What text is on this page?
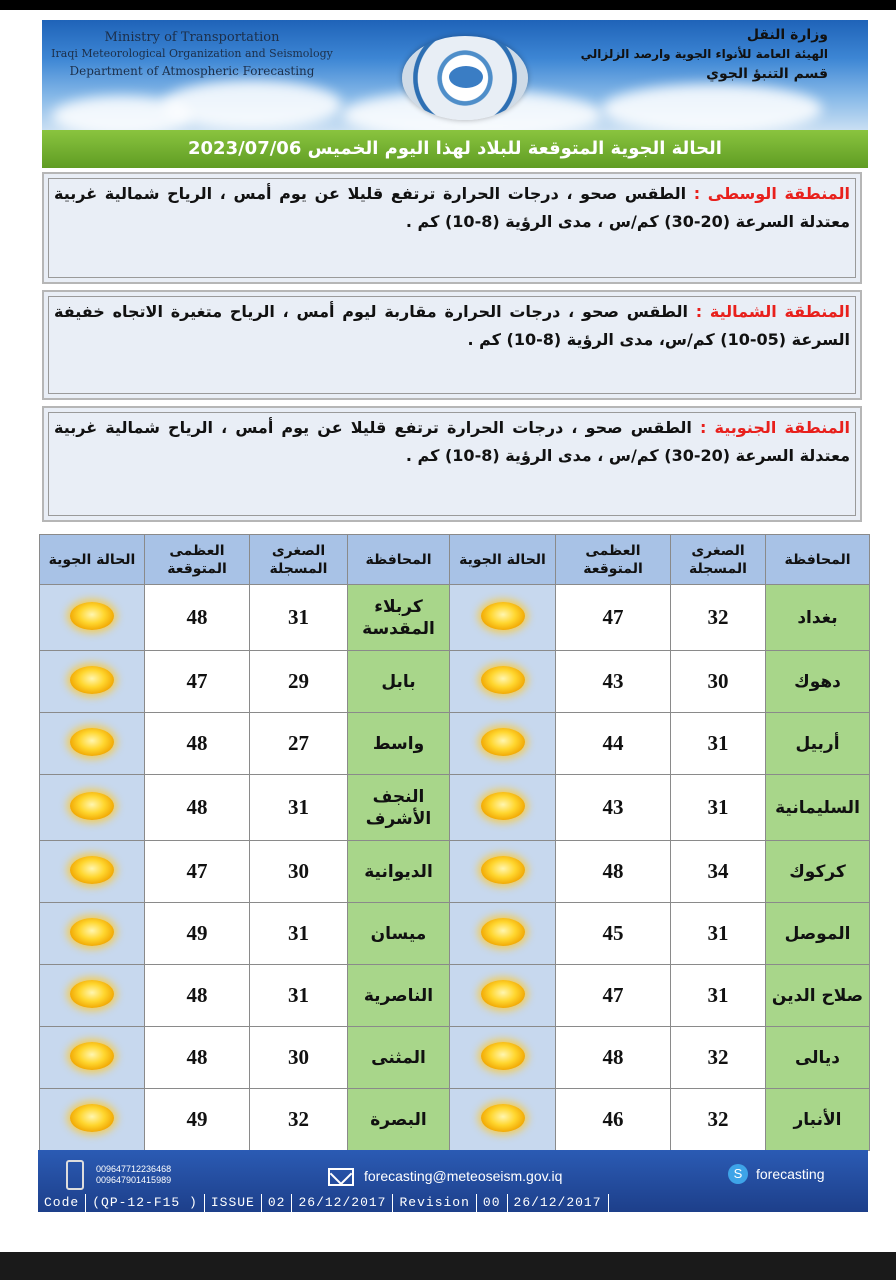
Ministry of Transportation
Iraqi Meteorological Organization and Seismology
Department of Atmospheric Forecasting
وزارة النقل
الهيئة العامة للأنواء الجوية وارصد الزلزالي
قسم التنبؤ الجوي
الحالة الجوية المتوقعة للبلاد لهذا اليوم الخميس 2023/07/06
المنطقة الوسطى : الطقس صحو ، درجات الحرارة ترتفع قليلا عن يوم أمس ، الرياح شمالية غربية معتدلة السرعة (20-30) كم/س ، مدى الرؤية (8-10) كم .
المنطقة الشمالية : الطقس صحو ، درجات الحرارة مقاربة ليوم أمس ، الرياح متغيرة الاتجاه خفيفة السرعة (05-10) كم/س، مدى الرؤية (8-10) كم .
المنطقة الجنوبية : الطقس صحو ، درجات الحرارة ترتفع قليلا عن يوم أمس ، الرياح شمالية غربية معتدلة السرعة (20-30) كم/س ، مدى الرؤية (8-10) كم .
الحالة الجوية	العظمى المتوقعة	الصغرى المسجلة	المحافظة	الحالة الجوية	العظمى المتوقعة	الصغرى المسجلة	المحافظة
	48	31	كربلاء المقدسة		47	32	بغداد
	47	29	بابل		43	30	دهوك
	48	27	واسط		44	31	أربيل
	48	31	النجف الأشرف		43	31	السليمانية
	47	30	الديوانية		48	34	كركوك
	49	31	ميسان		45	31	الموصل
	48	31	الناصرية		47	31	صلاح الدين
	48	30	المثنى		48	32	ديالى
	49	32	البصرة		46	32	الأنبار
009647712236468
009647901415989	forecasting@meteoseism.gov.iq	S forecasting
Code	(QP-12-F15 )	ISSUE	02	26/12/2017	Revision	00	26/12/2017
